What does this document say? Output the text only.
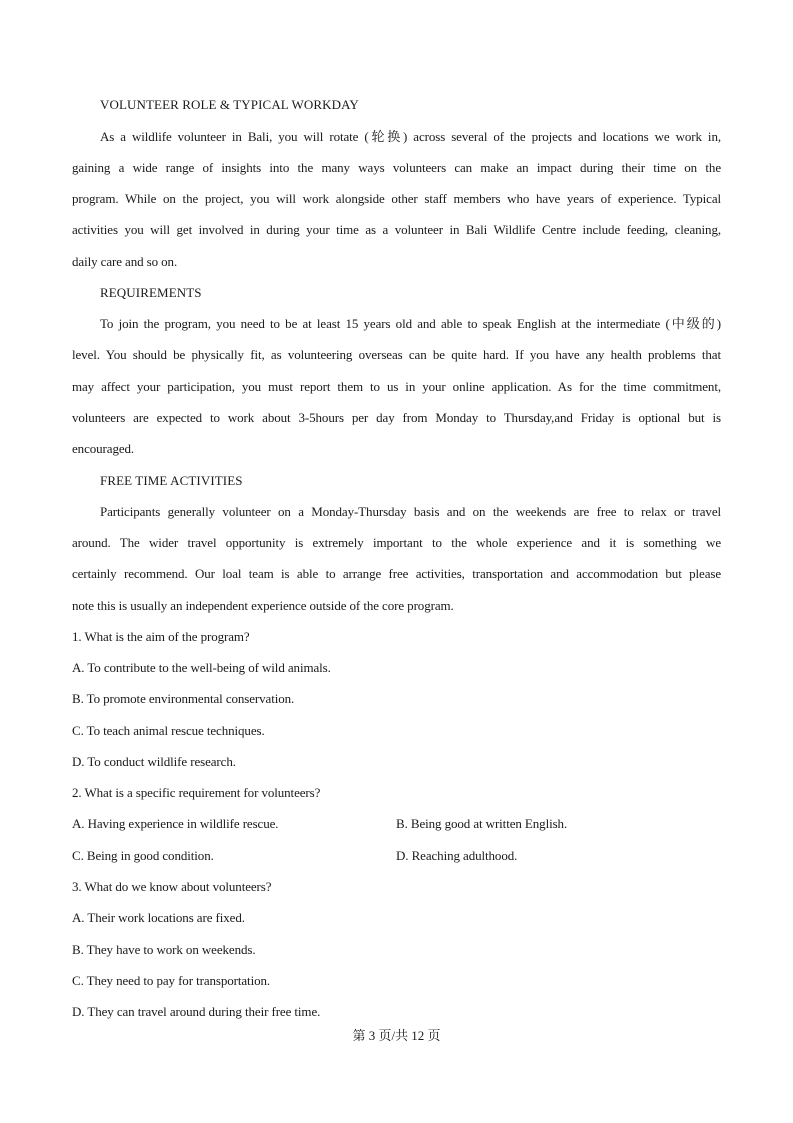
VOLUNTEER ROLE & TYPICAL WORKDAY
As a wildlife volunteer in Bali, you will rotate (轮换) across several of the projects and locations we work in,
gaining a wide range of insights into the many ways volunteers can make an impact during their time on the
program. While on the project, you will work alongside other staff members who have years of experience. Typical
activities you will get involved in during your time as a volunteer in Bali Wildlife Centre include feeding, cleaning,
daily care and so on.
REQUIREMENTS
To join the program, you need to be at least 15 years old and able to speak English at the intermediate (中级的)
level. You should be physically fit, as volunteering overseas can be quite hard. If you have any health problems that
may affect your participation, you must report them to us in your online application. As for the time commitment,
volunteers are expected to work about 3-5hours per day from Monday to Thursday,and Friday is optional but is
encouraged.
FREE TIME ACTIVITIES
Participants generally volunteer on a Monday-Thursday basis and on the weekends are free to relax or travel
around. The wider travel opportunity is extremely important to the whole experience and it is something we
certainly recommend. Our loal team is able to arrange free activities, transportation and accommodation but please
note this is usually an independent experience outside of the core program.
1. What is the aim of the program?
A. To contribute to the well-being of wild animals.
B. To promote environmental conservation.
C. To teach animal rescue techniques.
D. To conduct wildlife research.
2. What is a specific requirement for volunteers?
A. Having experience in wildlife rescue.	B. Being good at written English.
C. Being in good condition.	D. Reaching adulthood.
3. What do we know about volunteers?
A. Their work locations are fixed.
B. They have to work on weekends.
C. They need to pay for transportation.
D. They can travel around during their free time.
第 3 页/共 12 页
